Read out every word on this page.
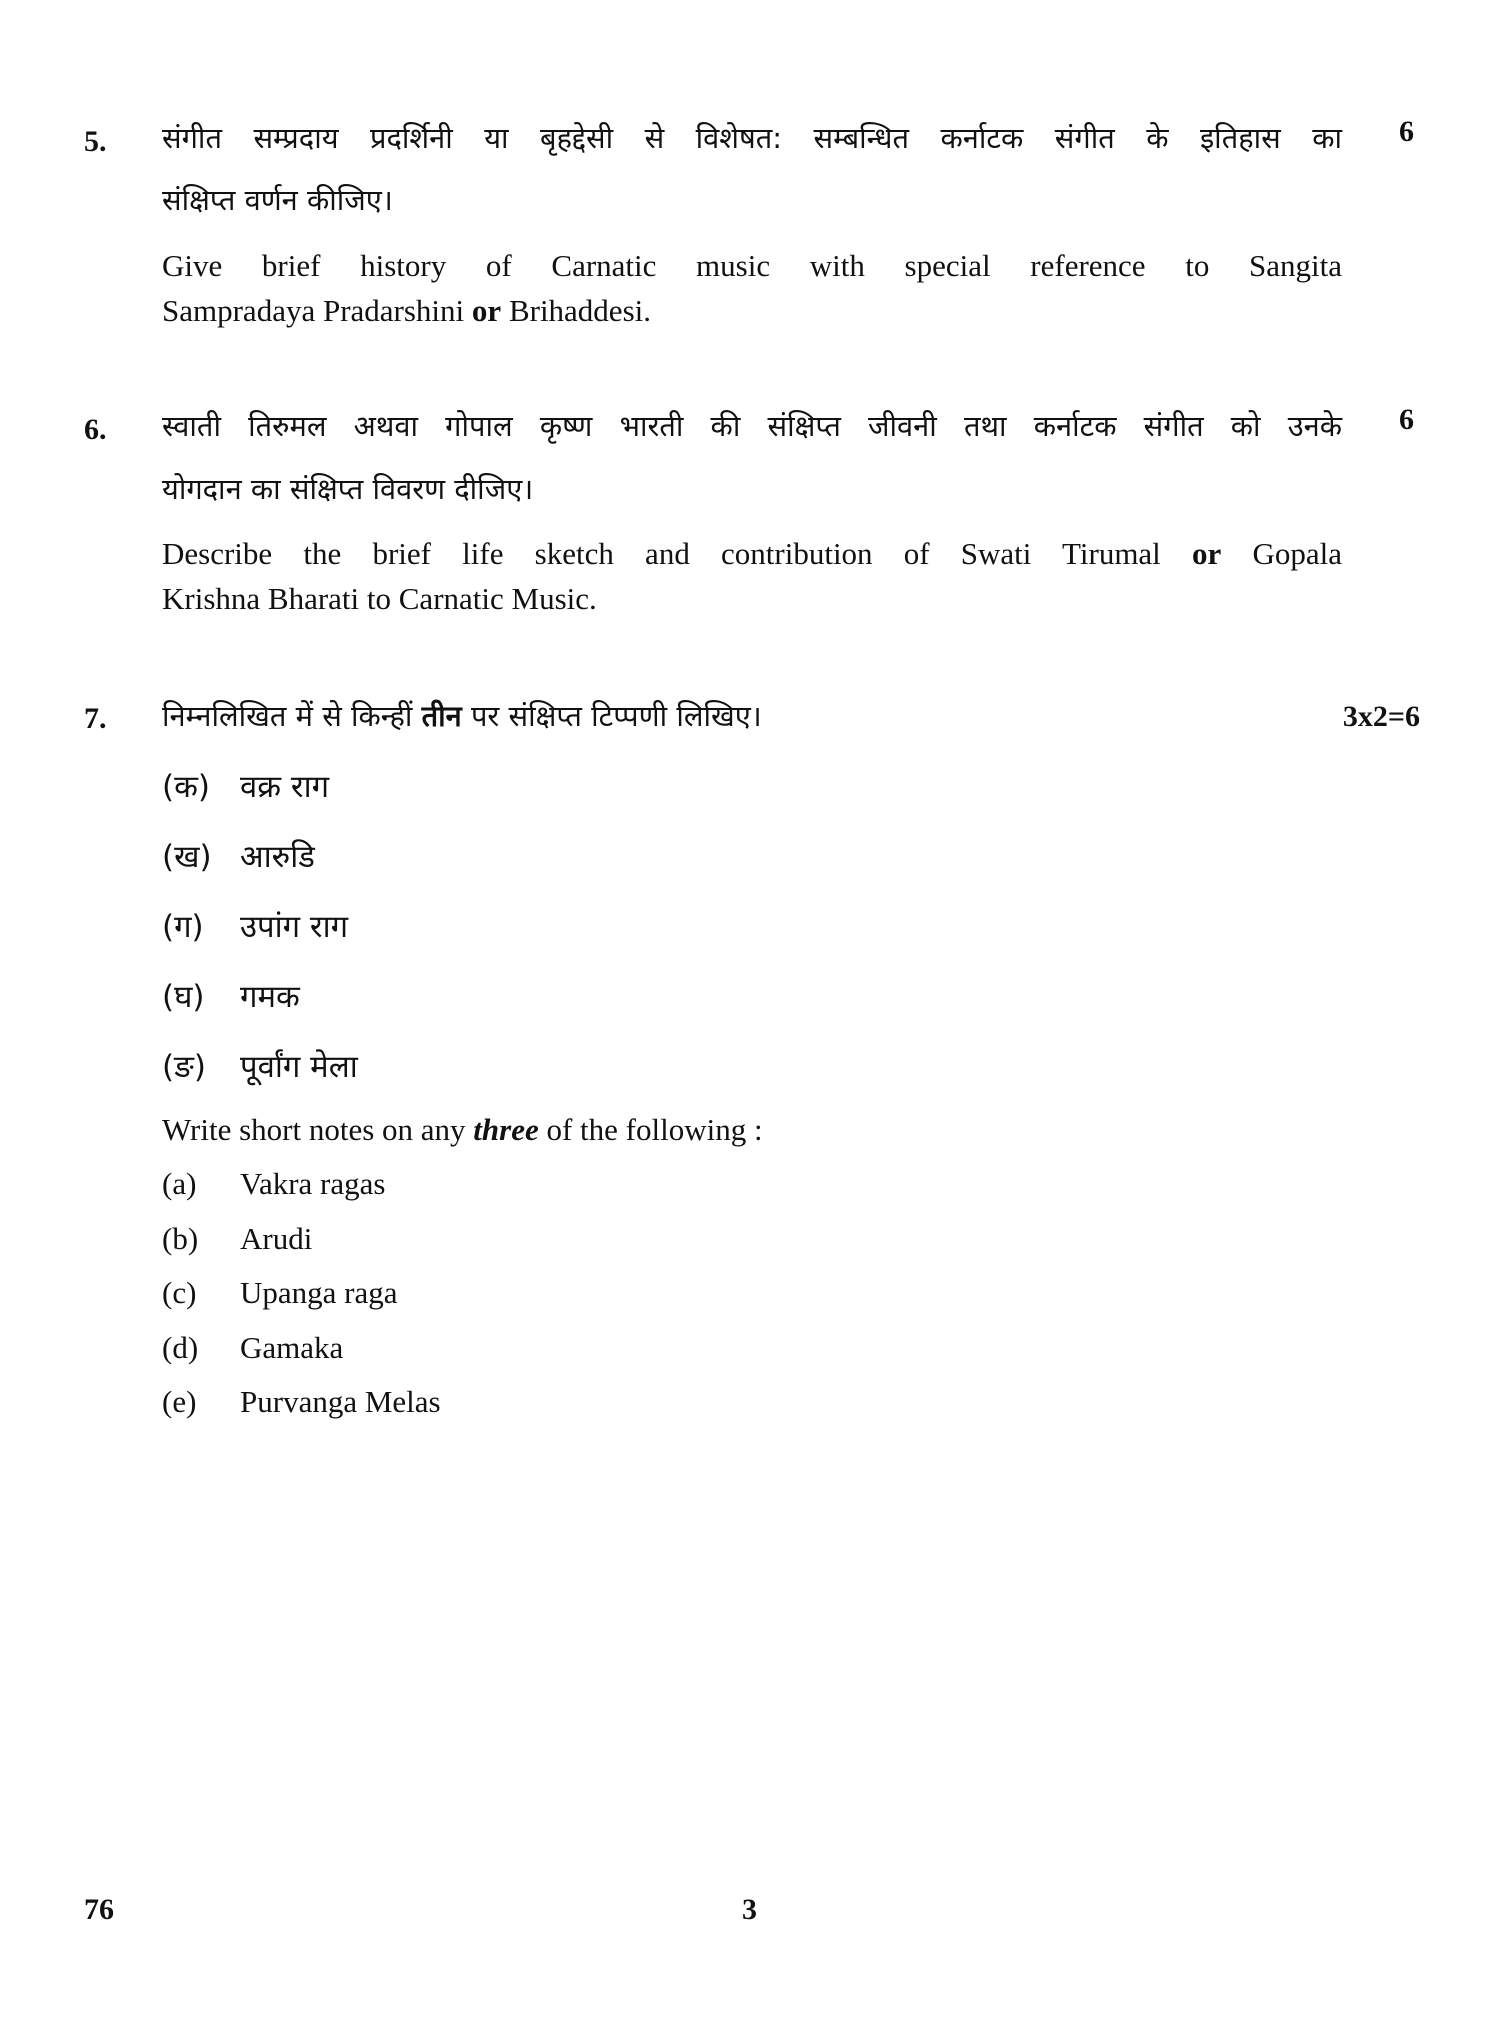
5.	6
संगीत सम्प्रदाय प्रदर्शिनी या बृहद्देसी से विशेषत: सम्बन्धित कर्नाटक संगीत के इतिहास का
संक्षिप्त वर्णन कीजिए।
Give brief history of Carnatic music with special reference to Sangita
Sampradaya Pradarshini or Brihaddesi.
6.	6
स्वाती तिरुमल अथवा गोपाल कृष्ण भारती की संक्षिप्त जीवनी तथा कर्नाटक संगीत को उनके
योगदान का संक्षिप्त विवरण दीजिए।
Describe the brief life sketch and contribution of Swati Tirumal or Gopala
Krishna Bharati to Carnatic Music.
7.	3x2=6
निम्नलिखित में से किन्हीं तीन पर संक्षिप्त टिप्पणी लिखिए।
(क) वक्र राग
(ख) आरुडि
(ग) उपांग राग
(घ) गमक
(ङ) पूर्वांग मेला
Write short notes on any three of the following :
(a) Vakra ragas
(b) Arudi
(c) Upanga raga
(d) Gamaka
(e) Purvanga Melas
76	3
